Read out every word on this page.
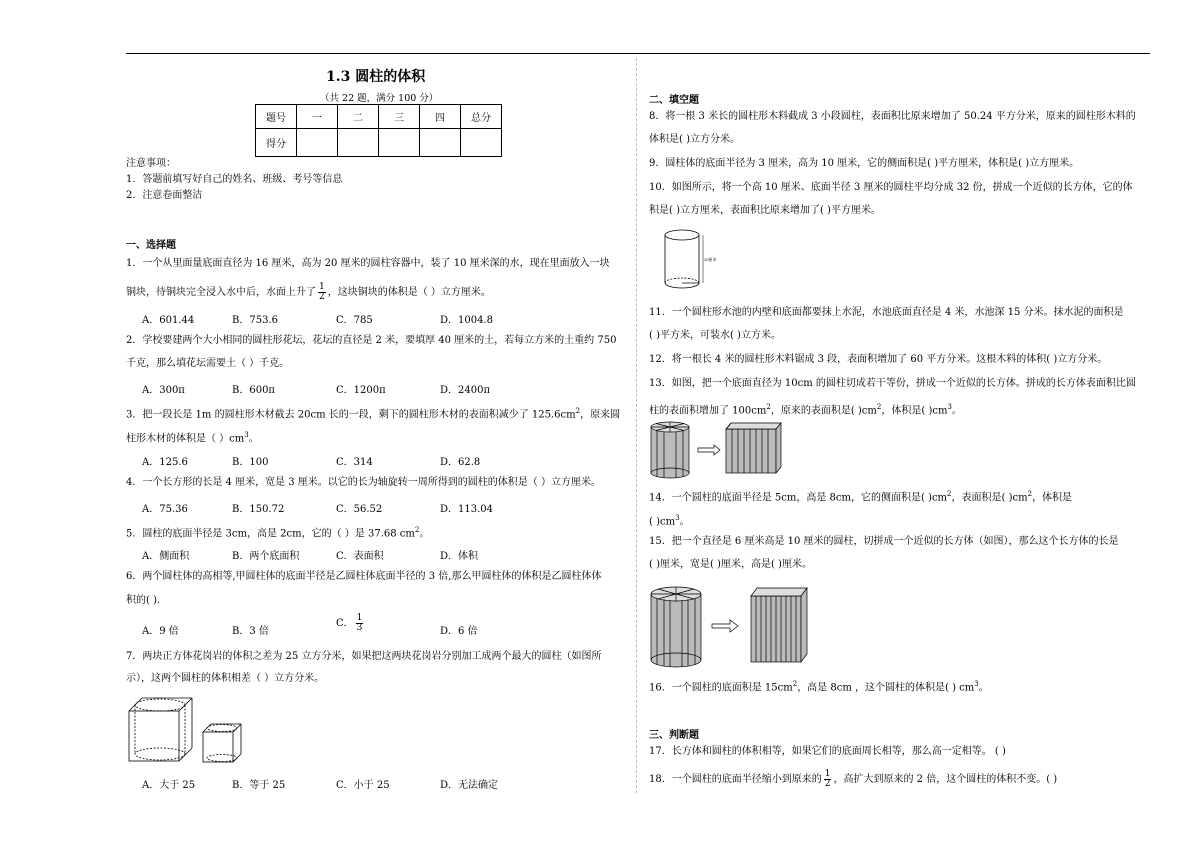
1.3 圆柱的体积
（共 22 题，满分 100 分）
题号	一	二	三	四	总分
得分					
注意事项：
1．答题前填写好自己的姓名、班级、考号等信息
2．注意卷面整洁
一、选择题
1．一个从里面量底面直径为 16 厘米，高为 20 厘米的圆柱容器中，装了 10 厘米深的水，现在里面放入一块
铜块，待铜块完全浸入水中后，水面上升了 $\frac{1}{2}$ ，这块铜块的体积是（ ）立方厘米。
A．601.44	B．753.6	C．785	D．1004.8
2．学校要建两个大小相同的圆柱形花坛，花坛的直径是 2 米，要填厚 40 厘米的土，若每立方米的土重约 750
千克，那么填花坛需要土（ ）千克。
A．300π	B．600π	C．1200π	D．2400π
3．把一段长是 1m 的圆柱形木材截去 20cm 长的一段，剩下的圆柱形木材的表面积减少了 $125.6cm^2$，原来圆
柱形木材的体积是（ ）$cm^3$。
A．125.6	B．100	C．314	D．62.8
4．一个长方形的长是 4 厘米，宽是 3 厘米。以它的长为轴旋转一周所得到的圆柱的体积是（ ）立方厘米。
A．75.36	B．150.72	C．56.52	D．113.04
5．圆柱的底面半径是 3cm，高是 2cm，它的（ ）是 37.68 $cm^2$。
A．侧面积	B．两个底面积	C．表面积	D．体积
6．两个圆柱体的高相等,甲圆柱体的底面半径是乙圆柱体底面半径的 3 倍,那么甲圆柱体的体积是乙圆柱体体
积的( ).
A．9 倍	B．3 倍
C． $\frac{1}{3}$	D．6 倍
7．两块正方体花岗岩的体积之差为 25 立方分米，如果把这两块花岗岩分别加工成两个最大的圆柱（如图所
示），这两个圆柱的体积相差（ ）立方分米。
A．大于 25	B．等于 25	C．小于 25	D．无法确定
二、填空题
8．将一根 3 米长的圆柱形木料截成 3 小段圆柱，表面积比原来增加了 50.24 平方分米，原来的圆柱形木料的
体积是( )立方分米。
9．圆柱体的底面半径为 3 厘米，高为 10 厘米，它的侧面积是( )平方厘米，体积是( )立方厘米。
10．如图所示，将一个高 10 厘米、底面半径 3 厘米的圆柱平均分成 32 份，拼成一个近似的长方体，它的体
积是( )立方厘米，表面积比原来增加了( )平方厘米。
10厘米
11．一个圆柱形水池的内壁和底面都要抹上水泥，水池底面直径是 4 米，水池深 15 分米。抹水泥的面积是
( )平方米，可装水( )立方米。
12．将一根长 4 米的圆柱形木料锯成 3 段，表面积增加了 60 平方分米。这根木料的体积( )立方分米。
13．如图，把一个底面直径为 10cm 的圆柱切成若干等份，拼成一个近似的长方体。拼成的长方体表面积比圆
柱的表面积增加了 $100cm^2$，原来的表面积是( )$cm^2$，体积是( )$cm^3$。
14．一个圆柱的底面半径是 5cm，高是 8cm，它的侧面积是( )$cm^2$，表面积是( )$cm^2$，体积是
( )$cm^3$。
15．把一个直径是 6 厘米高是 10 厘米的圆柱，切拼成一个近似的长方体（如图），那么这个长方体的长是
( )厘米，宽是( )厘米，高是( )厘米。
16．一个圆柱的底面积是 $15cm^2$，高是 8cm ，这个圆柱的体积是( ) $cm^3$。
三、判断题
17．长方体和圆柱的体积相等，如果它们的底面周长相等，那么高一定相等。 ( )
18．一个圆柱的底面半径缩小到原来的 $\frac{1}{2}$ ，高扩大到原来的 2 倍，这个圆柱的体积不变。( )
